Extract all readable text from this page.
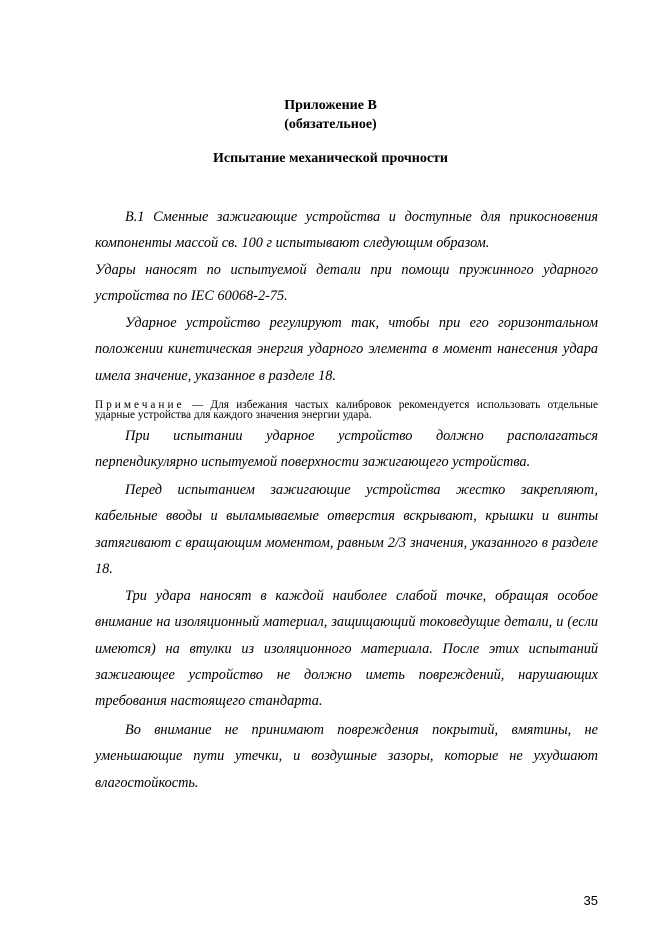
Приложение В
(обязательное)
Испытание механической прочности
В.1 Сменные зажигающие устройства и доступные для прикосновения компоненты массой св. 100 г испытывают следующим образом.
Удары наносят по испытуемой детали при помощи пружинного ударного устройства по IEC 60068-2-75.
Ударное устройство регулируют так, чтобы при его горизонтальном положении кинетическая энергия ударного элемента в момент нанесения удара имела значение, указанное в разделе 18.
Примечание — Для избежания частых калибровок рекомендуется использовать отдельные ударные устройства для каждого значения энергии удара.
При испытании ударное устройство должно располагаться перпендикулярно испытуемой поверхности зажигающего устройства.
Перед испытанием зажигающие устройства жестко закрепляют, кабельные вводы и выламываемые отверстия вскрывают, крышки и винты затягивают с вращающим моментом, равным 2/3 значения, указанного в разделе 18.
Три удара наносят в каждой наиболее слабой точке, обращая особое внимание на изоляционный материал, защищающий токоведущие детали, и (если имеются) на втулки из изоляционного материала. После этих испытаний зажигающее устройство не должно иметь повреждений, нарушающих требования настоящего стандарта.
Во внимание не принимают повреждения покрытий, вмятины, не уменьшающие пути утечки, и воздушные зазоры, которые не ухудшают влагостойкость.
35
